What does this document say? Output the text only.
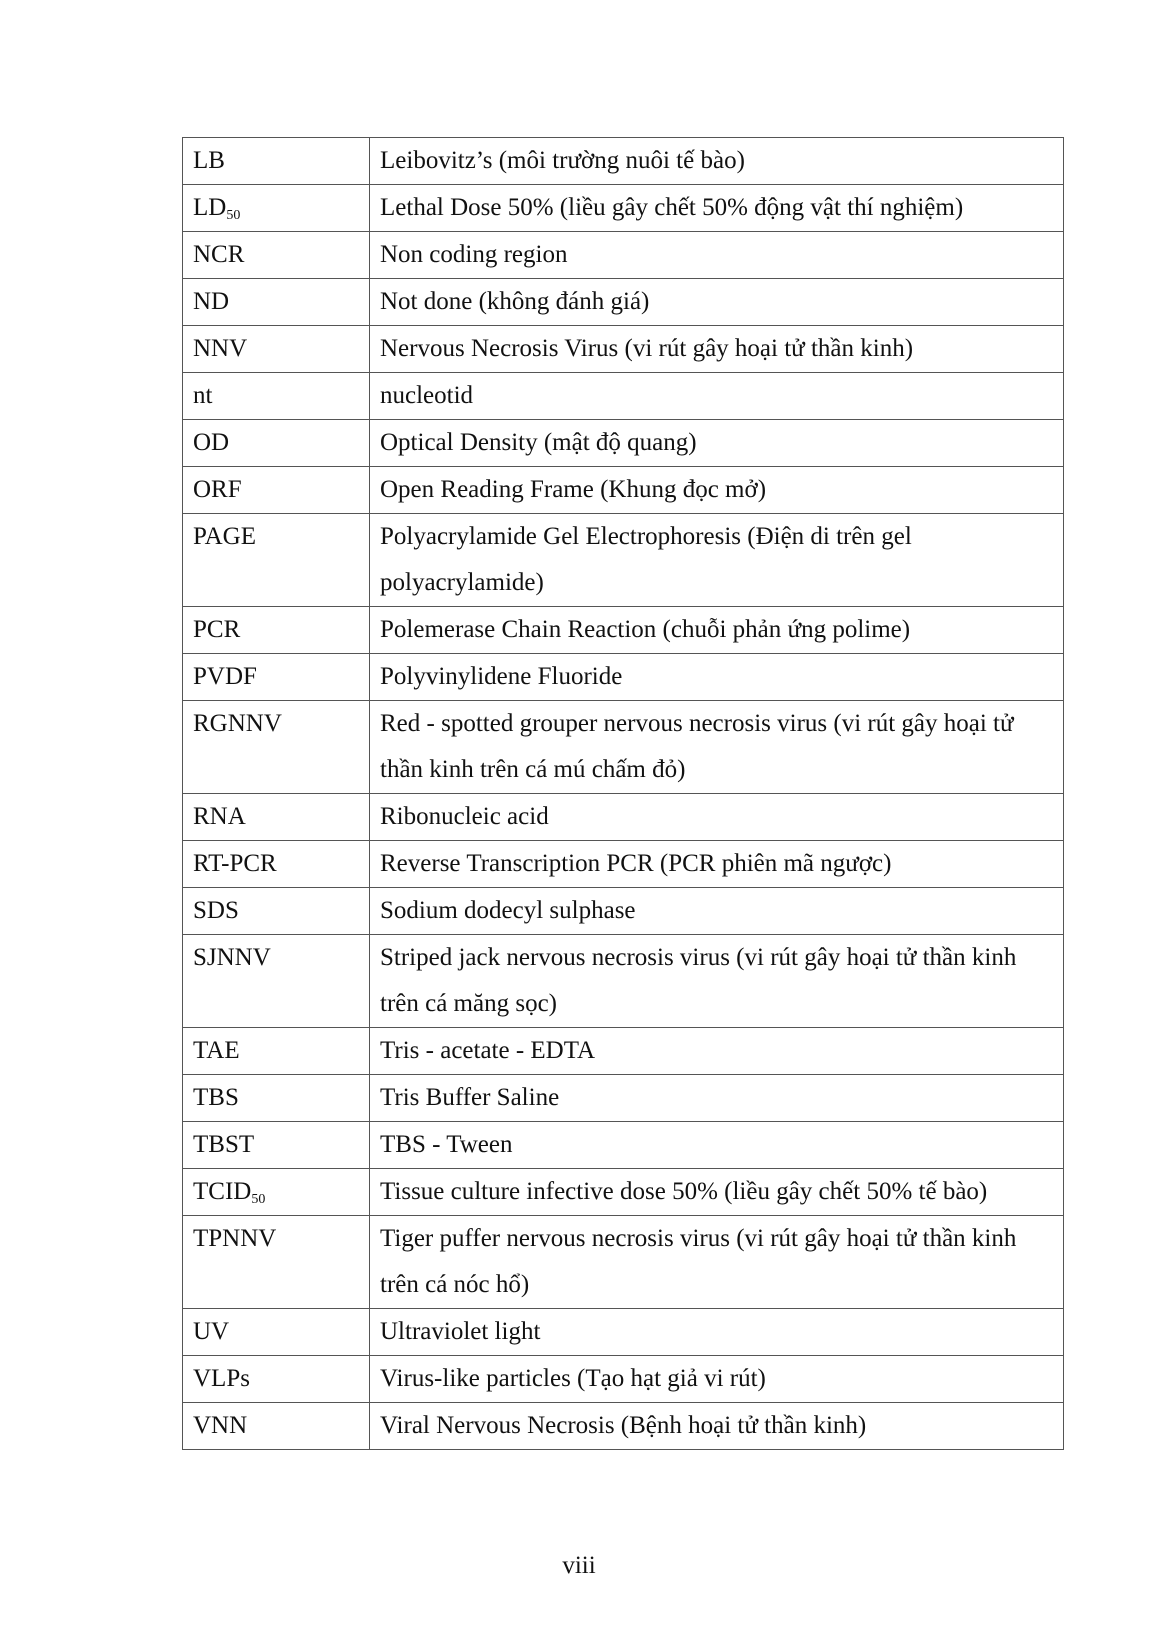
LB	Leibovitz’s (môi trường nuôi tế bào)
$LD_{50}$	Lethal Dose 50% (liều gây chết 50% động vật thí nghiệm)
NCR	Non coding region
ND	Not done (không đánh giá)
NNV	Nervous Necrosis Virus (vi rút gây hoại tử thần kinh)
nt	nucleotid
OD	Optical Density (mật độ quang)
ORF	Open Reading Frame (Khung đọc mở)
PAGE	Polyacrylamide Gel Electrophoresis (Điện di trên gel polyacrylamide)
PCR	Polemerase Chain Reaction (chuỗi phản ứng polime)
PVDF	Polyvinylidene Fluoride
RGNNV	Red - spotted grouper nervous necrosis virus (vi rút gây hoại tử thần kinh trên cá mú chấm đỏ)
RNA	Ribonucleic acid
RT-PCR	Reverse Transcription PCR (PCR phiên mã ngược)
SDS	Sodium dodecyl sulphase
SJNNV	Striped jack nervous necrosis virus (vi rút gây hoại tử thần kinh trên cá măng sọc)
TAE	Tris - acetate - EDTA
TBS	Tris Buffer Saline
TBST	TBS - Tween
$TCID_{50}$	Tissue culture infective dose 50% (liều gây chết 50% tế bào)
TPNNV	Tiger puffer nervous necrosis virus (vi rút gây hoại tử thần kinh trên cá nóc hổ)
UV	Ultraviolet light
VLPs	Virus-like particles (Tạo hạt giả vi rút)
VNN	Viral Nervous Necrosis (Bệnh hoại tử thần kinh)
viii
